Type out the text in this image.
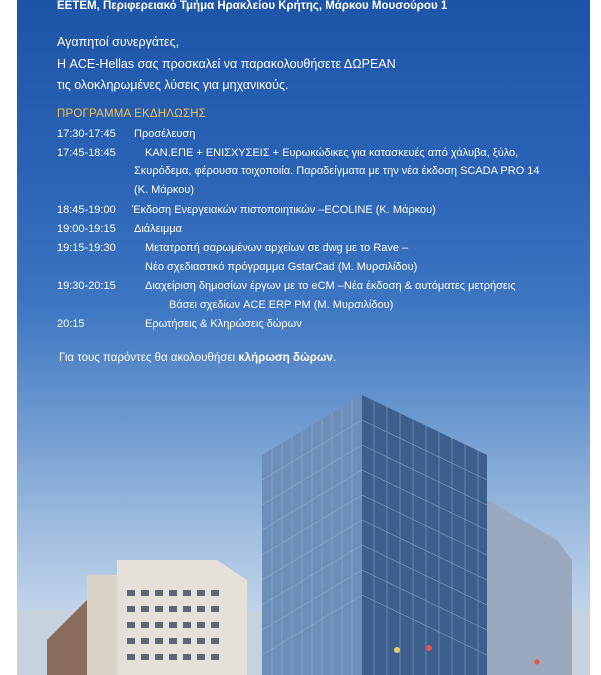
ΕΕΤΕΜ, Περιφερειακό Τμήμα Ηρακλείου Κρήτης, Μάρκου Μουσούρου 1
Αγαπητοί συνεργάτες,
Η ACE-Hellas σας προσκαλεί να παρακολουθήσετε ΔΩΡΕΑΝ
τις ολοκληρωμένες λύσεις για μηχανικούς.
ΠΡΟΓΡΑΜΜΑ ΕΚΔΗΛΩΣΗΣ
17:30-17:45	Προσέλευση
17:45-18:45	ΚΑΝ.ΕΠΕ + ΕΝΙΣΧΥΣΕΙΣ + Ευρωκώδικες για κατασκευές από χάλυβα, ξύλο,
Σκυρόδεμα, φέρουσα τοιχοποιία. Παραδείγματα με την νέα έκδοση SCADA PRO 14
(Κ. Μάρκου)
18:45-19:00	Έκδοση Ενεργειακών πιστοποιητικών –ECOLINE (Κ. Μάρκου)
19:00-19:15	Διάλειμμα
19:15-19:30	Μετατροπή σαρωμένων αρχείων σε dwg με το Rave –
Νέο σχεδιαστικό πρόγραμμα GstarCad (Μ. Μυρσιλίδου)
19:30-20:15	Διαχείριση δημοσίων έργων με το eCM –Νέα έκδοση & αυτόματες μετρήσεις
Βάσει σχεδίων ACE ERP PM (Μ. Μυρσιλίδου)
20:15	Ερωτήσεις & Κληρώσεις δώρων
Για τους παρόντες θα ακολουθήσει κλήρωση δώρων.
